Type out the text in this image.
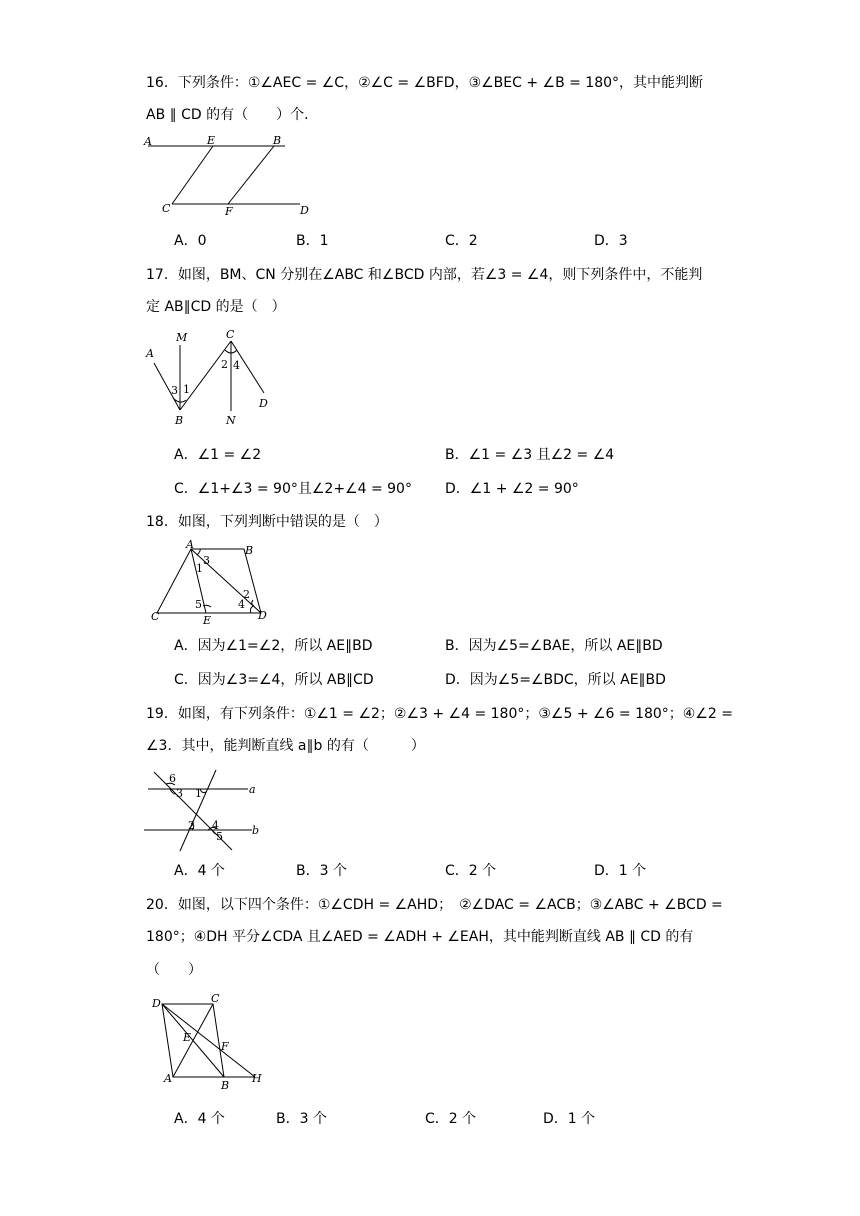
16．下列条件：①∠AEC = ∠C，②∠C = ∠BFD，③∠BEC + ∠B = 180°，其中能判断
AB ∥ CD 的有（　　）个．
A	E	B
C	F	D
A．0	B．1	C．2	D．3
17．如图，BM、CN 分别在∠ABC 和∠BCD 内部，若∠3 = ∠4，则下列条件中，不能判
定 AB∥CD 的是（　）
A
M	C
B	N
D
1
2
3
4
A．∠1 = ∠2	B．∠1 = ∠3 且∠2 = ∠4
C．∠1+∠3 = 90°且∠2+∠4 = 90° D．∠1 + ∠2 = 90°
18．如图，下列判断中错误的是（　）
A	B
C	E	D
1
2
3
4
5
A．因为∠1=∠2，所以 AE∥BD	B．因为∠5=∠BAE，所以 AE∥BD
C．因为∠3=∠4，所以 AB∥CD	D．因为∠5=∠BDC，所以 AE∥BD
19．如图，有下列条件：①∠1 = ∠2；②∠3 + ∠4 = 180°；③∠5 + ∠6 = 180°；④∠2 =
∠3．其中，能判断直线 a∥b 的有（　　　）
a
b
1
2
3
4
5
6
A．4 个	B．3 个	C．2 个	D．1 个
20．如图，以下四个条件：①∠CDH = ∠AHD；　②∠DAC = ∠ACB；③∠ABC + ∠BCD =
180°；④DH 平分∠CDA 且∠AED = ∠ADH + ∠EAH，其中能判断直线 AB ∥ CD 的有
（　　）
D	C
E
F
A
B
H
A．4 个	B．3 个	C．2 个	D．1 个
